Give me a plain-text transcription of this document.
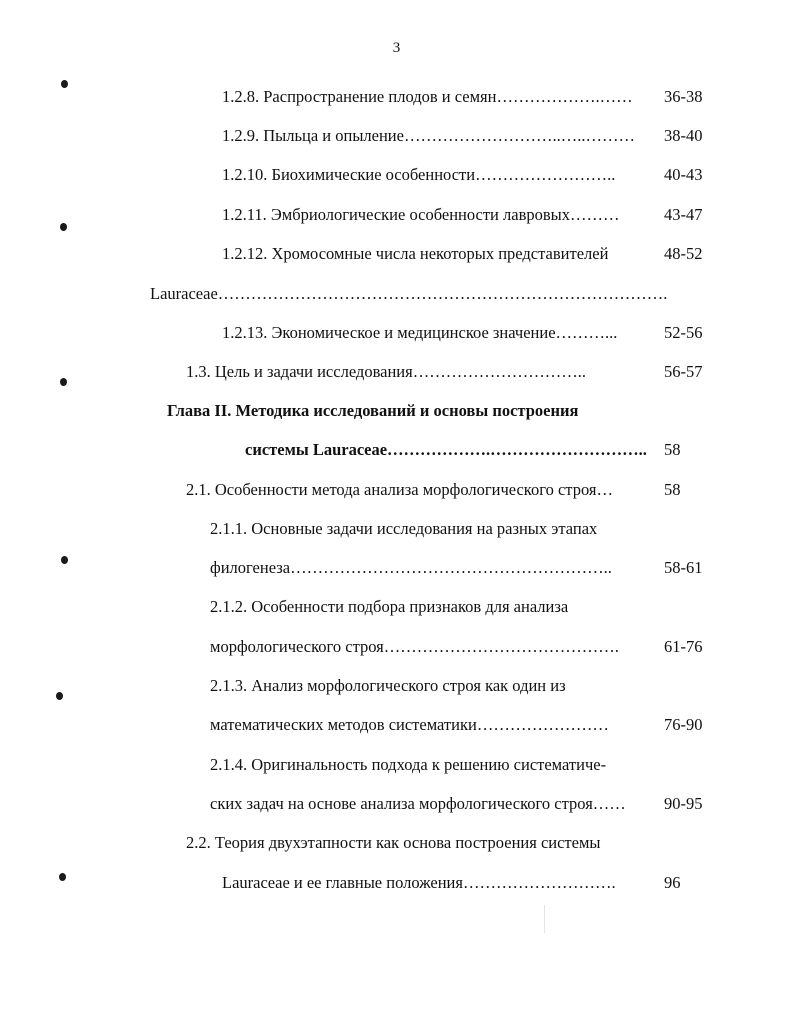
3
1.2.8. Распространение плодов и семян……………….…… 36-38
1.2.9. Пыльца и опыление………………………..…..……… 38-40
1.2.10. Биохимические особенности……………………..	40-43
1.2.11. Эмбриологические особенности лавровых………	43-47
1.2.12. Хромосомные числа некоторых представителей	48-52
Lauraceae……………………………………………………………………….
1.2.13. Экономическое и медицинское значение………...	52-56
1.3. Цель и задачи исследования…………………………..	56-57
Глава II. Методика исследований и основы построения
системы Lauraceae……………….……………………….. 58
2.1. Особенности метода анализа морфологического строя…	58
2.1.1. Основные задачи исследования на разных этапах
филогенеза…………………………………………………..	58-61
2.1.2. Особенности подбора признаков для анализа
морфологического строя…………………………………….	61-76
2.1.3. Анализ морфологического строя как один из
математических методов систематики……………………	76-90
2.1.4. Оригинальность подхода к решению систематиче-
ских задач на основе анализа морфологического строя…… 90-95
2.2. Теория двухэтапности как основа построения системы
Lauraceae и ее главные положения……………………….	96
